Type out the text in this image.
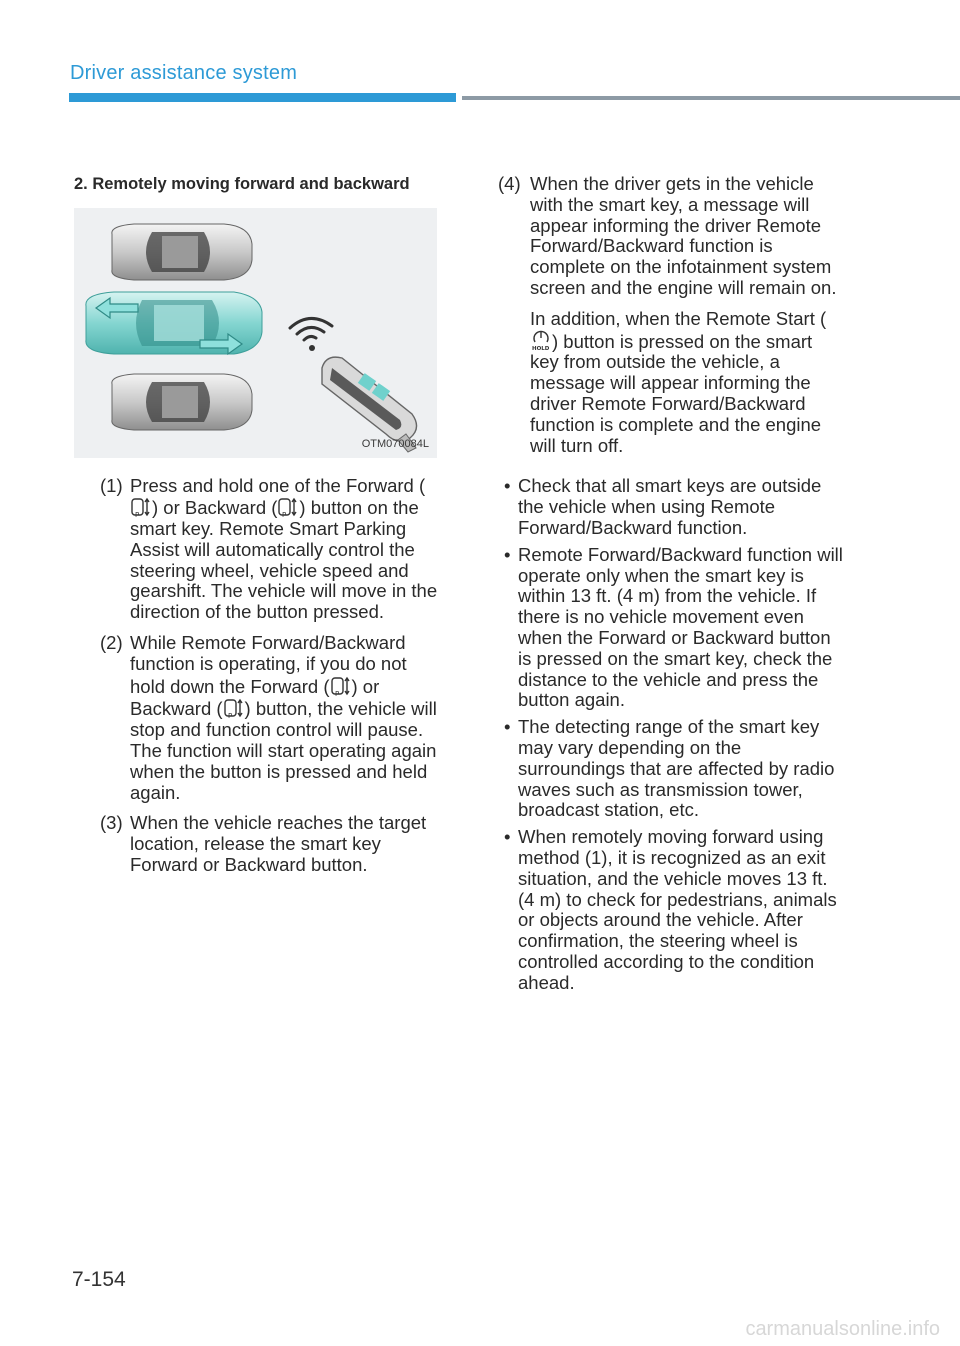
Driver assistance system
2. Remotely moving forward and backward
OTM070084L
(1) Press and hold one of the Forward (
P ) or Backward ( P ) button on the smart key. Remote Smart Parking Assist will automatically control the steering wheel, vehicle speed and gearshift. The vehicle will move in the direction of the button pressed.

(2) While Remote Forward/Backward function is operating, if you do not hold down the Forward ( P ) or Backward ( P ) button, the vehicle will stop and function control will pause. The function will start operating again when the button is pressed and held again.

(3) When the vehicle reaches the target location, release the smart key Forward or Backward button.

(4) When the driver gets in the vehicle with the smart key, a message will appear informing the driver Remote Forward/Backward function is complete on the infotainment system screen and the engine will remain on.

In addition, when the Remote Start (
HOLD ) button is pressed on the smart key from outside the vehicle, a message will appear informing the driver Remote Forward/Backward function is complete and the engine will turn off.

• Check that all smart keys are outside the vehicle when using Remote Forward/Backward function.
• Remote Forward/Backward function will operate only when the smart key is within 13 ft. (4 m) from the vehicle. If there is no vehicle movement even when the Forward or Backward button is pressed on the smart key, check the distance to the vehicle and press the button again.
• The detecting range of the smart key may vary depending on the surroundings that are affected by radio waves such as transmission tower, broadcast station, etc.
• When remotely moving forward using method (1), it is recognized as an exit situation, and the vehicle moves 13 ft. (4 m) to check for pedestrians, animals or objects around the vehicle. After confirmation, the steering wheel is controlled according to the condition ahead.
7-154
carmanualsonline.info
